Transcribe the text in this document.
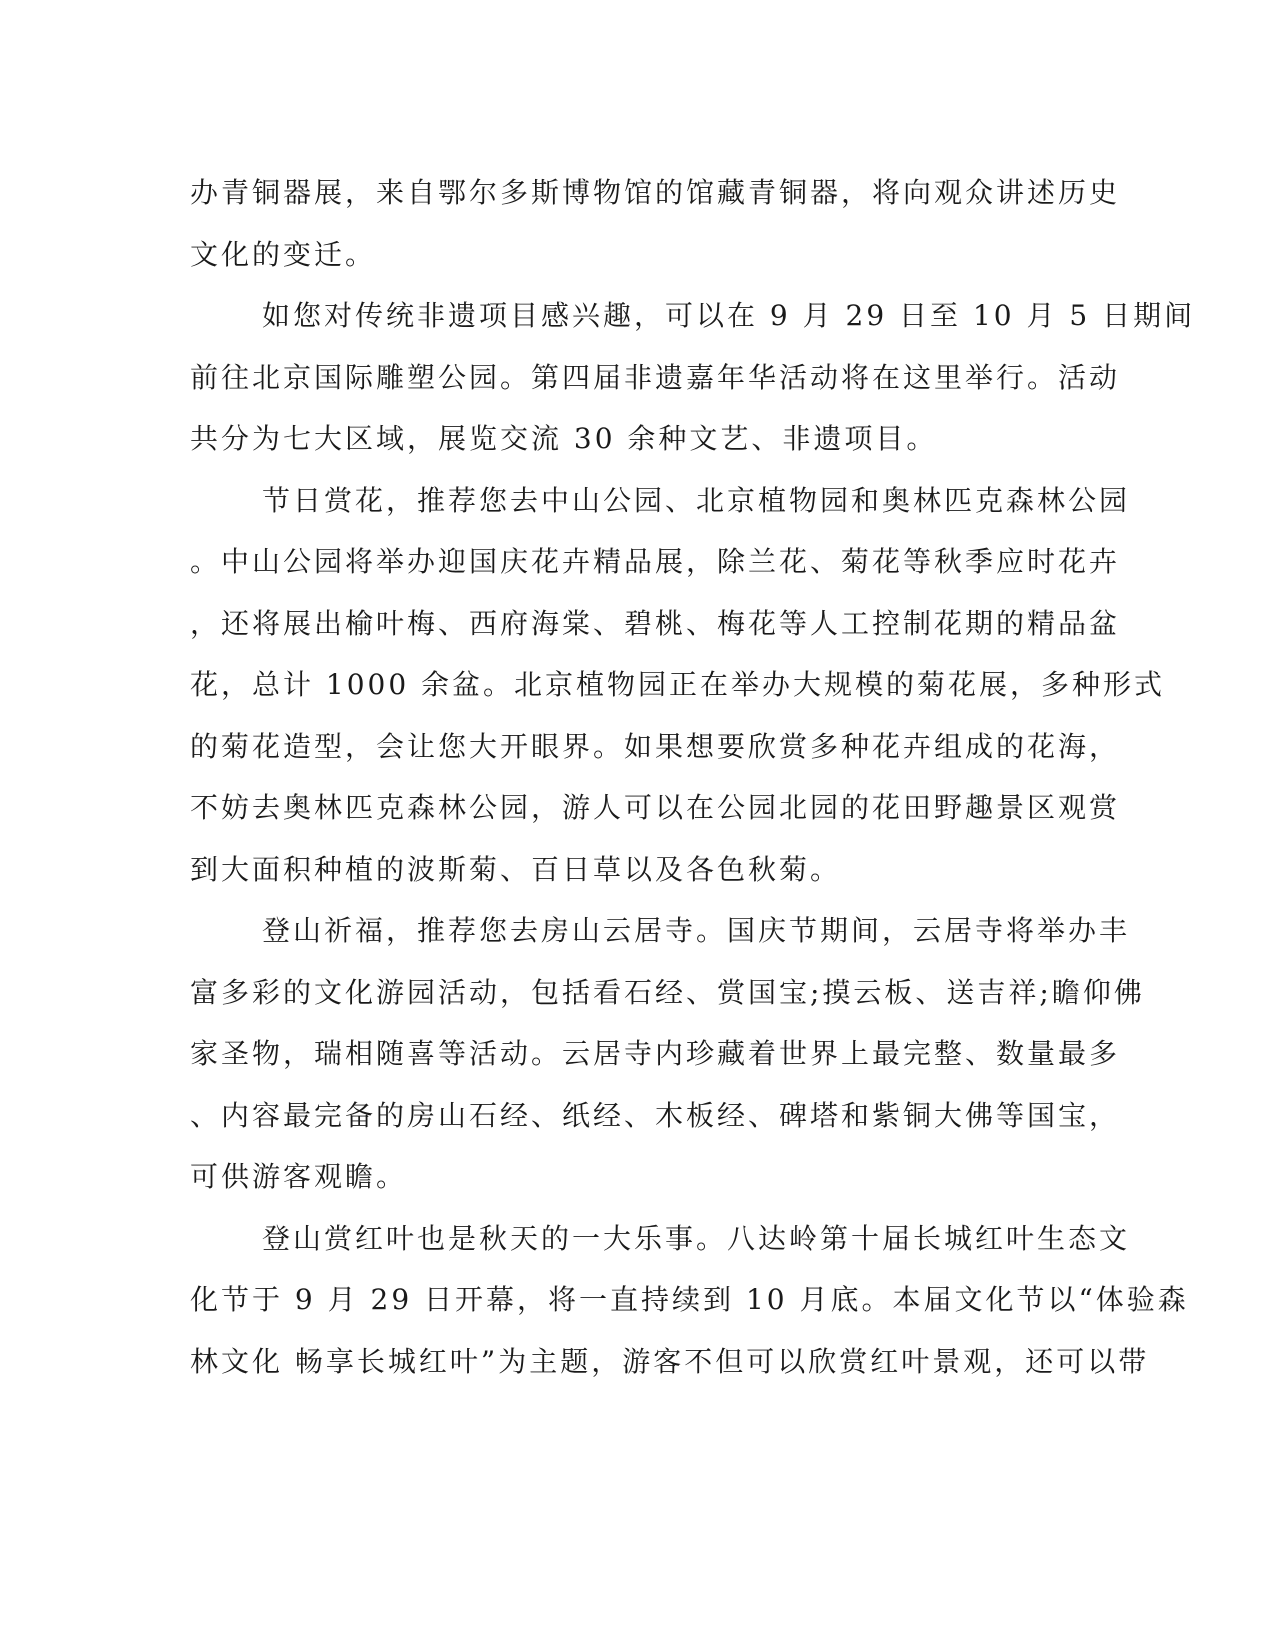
办青铜器展，来自鄂尔多斯博物馆的馆藏青铜器，将向观众讲述历史
文化的变迁。
如您对传统非遗项目感兴趣，可以在 9 月 29 日至 10 月 5 日期间
前往北京国际雕塑公园。第四届非遗嘉年华活动将在这里举行。活动
共分为七大区域，展览交流 30 余种文艺、非遗项目。
节日赏花，推荐您去中山公园、北京植物园和奥林匹克森林公园
。中山公园将举办迎国庆花卉精品展，除兰花、菊花等秋季应时花卉
，还将展出榆叶梅、西府海棠、碧桃、梅花等人工控制花期的精品盆
花，总计 1000 余盆。北京植物园正在举办大规模的菊花展，多种形式
的菊花造型，会让您大开眼界。如果想要欣赏多种花卉组成的花海，
不妨去奥林匹克森林公园，游人可以在公园北园的花田野趣景区观赏
到大面积种植的波斯菊、百日草以及各色秋菊。
登山祈福，推荐您去房山云居寺。国庆节期间，云居寺将举办丰
富多彩的文化游园活动，包括看石经、赏国宝;摸云板、送吉祥;瞻仰佛
家圣物，瑞相随喜等活动。云居寺内珍藏着世界上最完整、数量最多
、内容最完备的房山石经、纸经、木板经、碑塔和紫铜大佛等国宝，
可供游客观瞻。
登山赏红叶也是秋天的一大乐事。八达岭第十届长城红叶生态文
化节于 9 月 29 日开幕，将一直持续到 10 月底。本届文化节以“体验森
林文化 畅享长城红叶”为主题，游客不但可以欣赏红叶景观，还可以带
